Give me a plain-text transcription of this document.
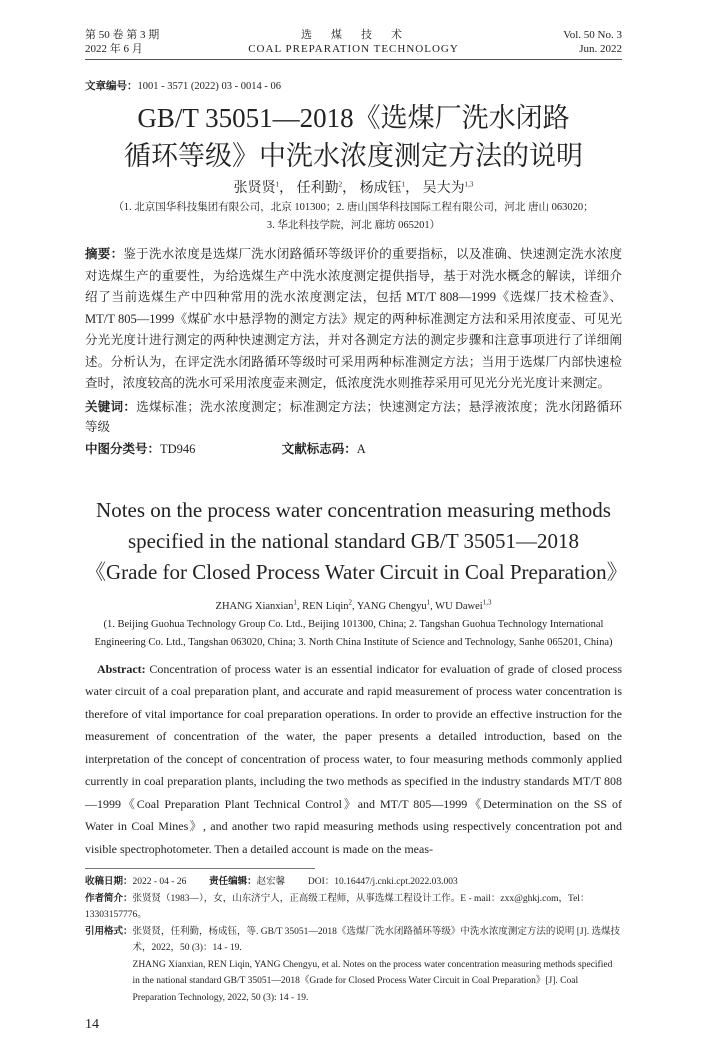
第 50 卷 第 3 期	选　煤　技　术	Vol. 50 No. 3
2022 年 6 月	COAL PREPARATION TECHNOLOGY	Jun. 2022
文章编号：1001 - 3571 (2022) 03 - 0014 - 06
GB/T 35051—2018《选煤厂洗水闭路
循环等级》中洗水浓度测定方法的说明
张贤贤$^1$， 任利勤$^2$， 杨成钰$^1$， 吴大为$^{1,3}$
（1. 北京国华科技集团有限公司，北京 101300；2. 唐山国华科技国际工程有限公司，河北 唐山 063020；
3. 华北科技学院，河北 廊坊 065201）
摘要：鉴于洗水浓度是选煤厂洗水闭路循环等级评价的重要指标，以及准确、快速测定洗水浓度对选煤生产的重要性，为给选煤生产中洗水浓度测定提供指导，基于对洗水概念的解读，详细介绍了当前选煤生产中四种常用的洗水浓度测定法，包括 MT/T 808—1999《选煤厂技术检查》、MT/T 805—1999《煤矿水中悬浮物的测定方法》规定的两种标准测定方法和采用浓度壶、可见光分光光度计进行测定的两种快速测定方法，并对各测定方法的测定步骤和注意事项进行了详细阐述。分析认为，在评定洗水闭路循环等级时可采用两种标准测定方法；当用于选煤厂内部快速检查时，浓度较高的洗水可采用浓度壶来测定，低浓度洗水则推荐采用可见光分光光度计来测定。
关键词：选煤标准；洗水浓度测定；标准测定方法；快速测定方法；悬浮液浓度；洗水闭路循环等级
中图分类号：TD946	文献标志码：A
Notes on the process water concentration measuring methods
specified in the national standard GB/T 35051—2018
《Grade for Closed Process Water Circuit in Coal Preparation》
ZHANG Xianxian$^1$, REN Liqin$^2$, YANG Chengyu$^1$, WU Dawei$^{1,3}$
(1. Beijing Guohua Technology Group Co. Ltd., Beijing 101300, China; 2. Tangshan Guohua Technology International
Engineering Co. Ltd., Tangshan 063020, China; 3. North China Institute of Science and Technology, Sanhe 065201, China)
Abstract: Concentration of process water is an essential indicator for evaluation of grade of closed process water circuit of a coal preparation plant, and accurate and rapid measurement of process water concentration is therefore of vital importance for coal preparation operations. In order to provide an effective instruction for the measurement of concentration of the water, the paper presents a detailed introduction, based on the interpretation of the concept of concentration of process water, to four measuring methods commonly applied currently in coal preparation plants, including the two methods as specified in the industry standards MT/T 808—1999《Coal Preparation Plant Technical Control》and MT/T 805—1999《Determination on the SS of Water in Coal Mines》, and another two rapid measuring methods using respectively concentration pot and visible spectrophotometer. Then a detailed account is made on the meas-
收稿日期：2022 - 04 - 26 责任编辑：赵宏馨 DOI：10.16447/j.cnki.cpt.2022.03.003
作者简介：张贤贤（1983—），女，山东济宁人，正高级工程师，从事选煤工程设计工作。E - mail：zxx@ghkj.com，Tel：13303157776。
引用格式： 张贤贤，任利勤，杨成钰，等. GB/T 35051—2018《选煤厂洗水闭路循环等级》中洗水浓度测定方法的说明 [J]. 选煤技术，2022，50 (3)：14 - 19.
ZHANG Xianxian, REN Liqin, YANG Chengyu, et al. Notes on the process water concentration measuring methods specified in the national standard GB/T 35051—2018《Grade for Closed Process Water Circuit in Coal Preparation》[J]. Coal Preparation Technology, 2022, 50 (3): 14 - 19.
14
